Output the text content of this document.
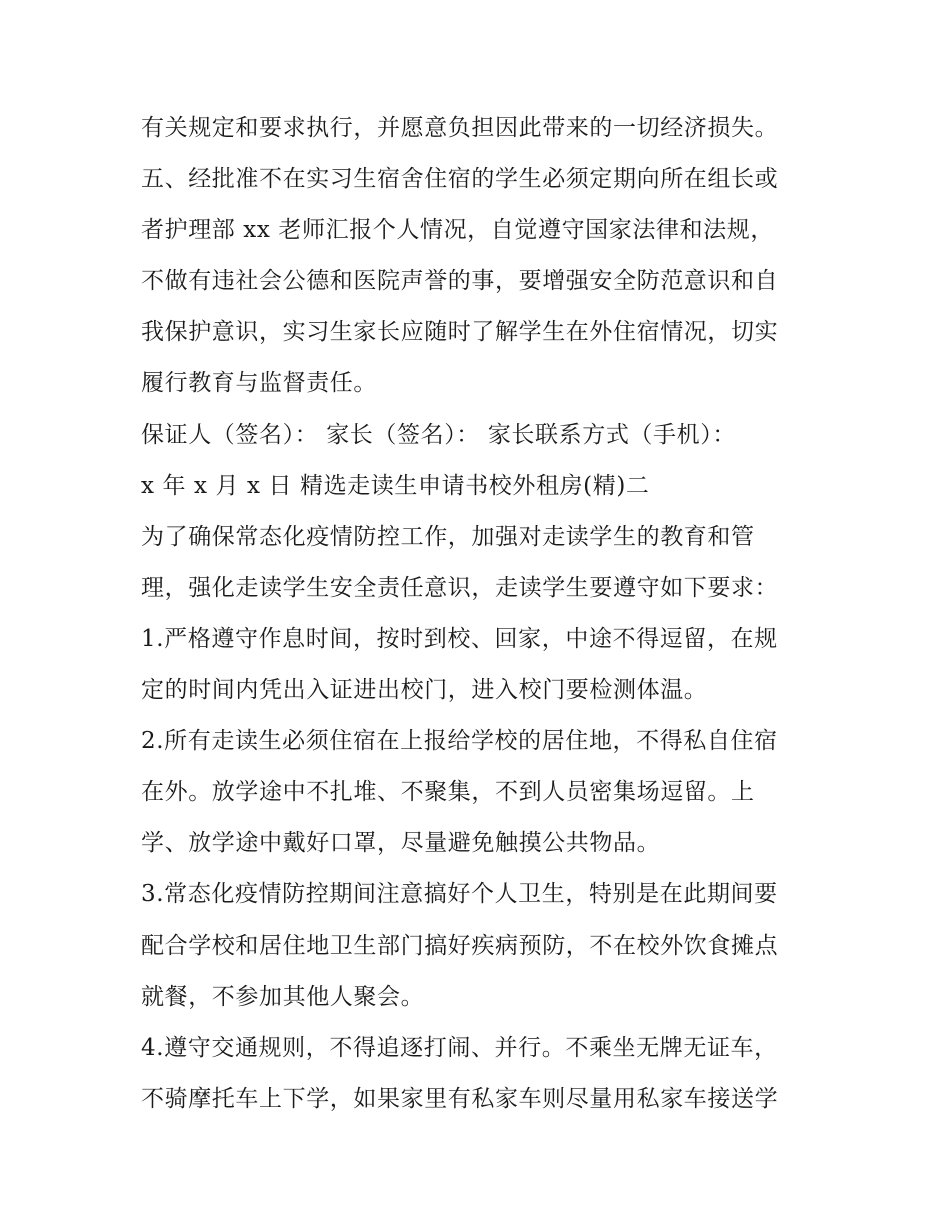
有关规定和要求执行，并愿意负担因此带来的一切经济损失。
五、经批准不在实习生宿舍住宿的学生必须定期向所在组长或
者护理部 xx 老师汇报个人情况，自觉遵守国家法律和法规，
不做有违社会公德和医院声誉的事，要增强安全防范意识和自
我保护意识，实习生家长应随时了解学生在外住宿情况，切实
履行教育与监督责任。
保证人（签名）： 家长（签名）： 家长联系方式（手机）：
x 年 x 月 x 日 精选走读生申请书校外租房(精)二
为了确保常态化疫情防控工作，加强对走读学生的教育和管
理，强化走读学生安全责任意识，走读学生要遵守如下要求：
1.严格遵守作息时间，按时到校、回家，中途不得逗留，在规
定的时间内凭出入证进出校门，进入校门要检测体温。
2.所有走读生必须住宿在上报给学校的居住地，不得私自住宿
在外。放学途中不扎堆、不聚集，不到人员密集场逗留。上
学、放学途中戴好口罩，尽量避免触摸公共物品。
3.常态化疫情防控期间注意搞好个人卫生，特别是在此期间要
配合学校和居住地卫生部门搞好疾病预防，不在校外饮食摊点
就餐，不参加其他人聚会。
4.遵守交通规则，不得追逐打闹、并行。不乘坐无牌无证车，
不骑摩托车上下学，如果家里有私家车则尽量用私家车接送学
